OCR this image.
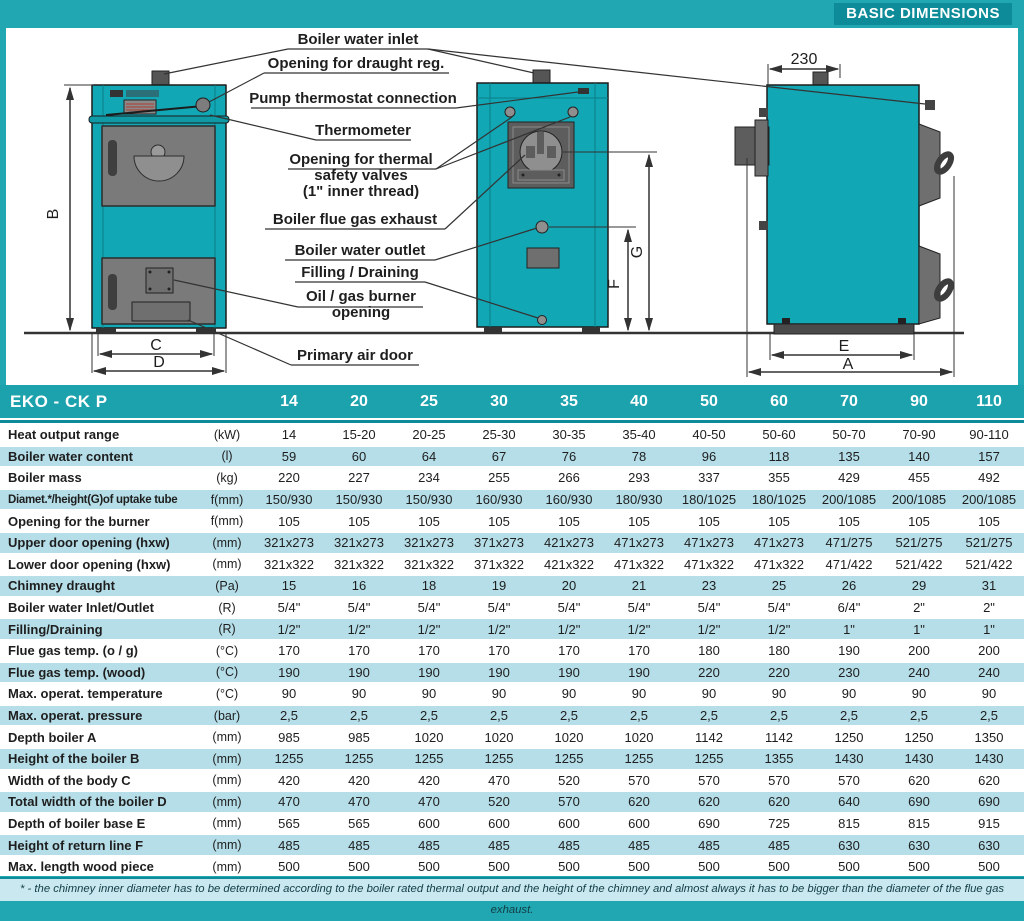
BASIC DIMENSIONS
B
C
D
F
G
230
E
A
Boiler water inlet
Opening for draught reg.
Pump thermostat connection
Thermometer
Opening for thermal
safety valves
(1" inner thread)
Boiler flue gas exhaust
Boiler water outlet
Filling / Draining
Oil / gas burner
opening
Primary air door
EKO - CK P		14	20	25	30	35	40	50	60	70	90	110

Heat output range	(kW)	14	15-20	20-25	25-30	30-35	35-40	40-50	50-60	50-70	70-90	90-110
Boiler water content	(l)	59	60	64	67	76	78	96	118	135	140	157
Boiler mass	(kg)	220	227	234	255	266	293	337	355	429	455	492
Diamet.*/height(G)of uptake tube	f(mm)	150/930	150/930	150/930	160/930	160/930	180/930	180/1025	180/1025	200/1085	200/1085	200/1085
Opening for the burner	f(mm)	105	105	105	105	105	105	105	105	105	105	105
Upper door opening (hxw)	(mm)	321x273	321x273	321x273	371x273	421x273	471x273	471x273	471x273	471/275	521/275	521/275
Lower door opening (hxw)	(mm)	321x322	321x322	321x322	371x322	421x322	471x322	471x322	471x322	471/422	521/422	521/422
Chimney draught	(Pa)	15	16	18	19	20	21	23	25	26	29	31
Boiler water Inlet/Outlet	(R)	5/4"	5/4"	5/4"	5/4"	5/4"	5/4"	5/4"	5/4"	6/4"	2"	2"
Filling/Draining	(R)	1/2"	1/2"	1/2"	1/2"	1/2"	1/2"	1/2"	1/2"	1"	1"	1"
Flue gas temp. (o / g)	(°C)	170	170	170	170	170	170	180	180	190	200	200
Flue gas temp. (wood)	(°C)	190	190	190	190	190	190	220	220	230	240	240
Max. operat. temperature	(°C)	90	90	90	90	90	90	90	90	90	90	90
Max. operat. pressure	(bar)	2,5	2,5	2,5	2,5	2,5	2,5	2,5	2,5	2,5	2,5	2,5
Depth boiler A	(mm)	985	985	1020	1020	1020	1020	1142	1142	1250	1250	1350
Height of the boiler B	(mm)	1255	1255	1255	1255	1255	1255	1255	1355	1430	1430	1430
Width of the body C	(mm)	420	420	420	470	520	570	570	570	570	620	620
Total width of the boiler D	(mm)	470	470	470	520	570	620	620	620	640	690	690
Depth of boiler base E	(mm)	565	565	600	600	600	600	690	725	815	815	915
Height of return line F	(mm)	485	485	485	485	485	485	485	485	630	630	630
Max. length wood piece	(mm)	500	500	500	500	500	500	500	500	500	500	500
* - the chimney inner diameter has to be determined according to the boiler rated thermal output and the height of the chimney and almost always it has to be bigger than the diameter of the flue gas exhaust.
